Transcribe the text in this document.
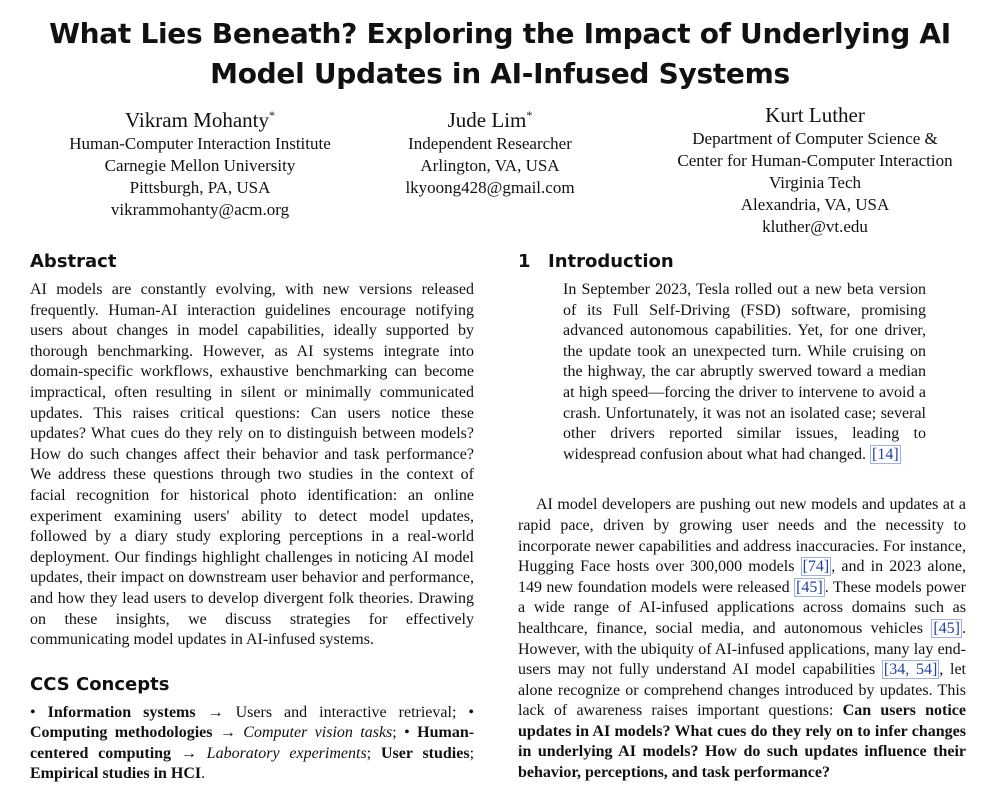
What Lies Beneath? Exploring the Impact of Underlying AI Model Updates in AI-Infused Systems
Vikram Mohanty*
Human-Computer Interaction Institute
Carnegie Mellon University
Pittsburgh, PA, USA
vikrammohanty@acm.org
Jude Lim*
Independent Researcher
Arlington, VA, USA
lkyoong428@gmail.com
Kurt Luther
Department of Computer Science &
Center for Human-Computer Interaction
Virginia Tech
Alexandria, VA, USA
kluther@vt.edu
Abstract

AI models are constantly evolving, with new versions released frequently. Human-AI interaction guidelines encourage notifying users about changes in model capabilities, ideally supported by thorough benchmarking. However, as AI systems integrate into domain-specific workflows, exhaustive benchmarking can become impractical, often resulting in silent or minimally communicated updates. This raises critical questions: Can users notice these updates? What cues do they rely on to distinguish between models? How do such changes affect their behavior and task performance? We address these questions through two studies in the context of facial recognition for historical photo identification: an online experiment examining users' ability to detect model updates, followed by a diary study exploring perceptions in a real-world deployment. Our findings highlight challenges in noticing AI model updates, their impact on downstream user behavior and performance, and how they lead users to develop divergent folk theories. Drawing on these insights, we discuss strategies for effectively communicating model updates in AI-infused systems.

CCS Concepts

• Information systems → Users and interactive retrieval; • Computing methodologies → Computer vision tasks; • Human-centered computing → Laboratory experiments; User studies; Empirical studies in HCI.

1 Introduction

In September 2023, Tesla rolled out a new beta version of its Full Self-Driving (FSD) software, promising advanced autonomous capabilities. Yet, for one driver, the update took an unexpected turn. While cruising on the highway, the car abruptly swerved toward a median at high speed—forcing the driver to intervene to avoid a crash. Unfortunately, it was not an isolated case; several other drivers reported similar issues, leading to widespread confusion about what had changed. [14]

AI model developers are pushing out new models and updates at a rapid pace, driven by growing user needs and the necessity to incorporate newer capabilities and address inaccuracies. For instance, Hugging Face hosts over 300,000 models [74] , and in 2023 alone, 149 new foundation models were released [45] . These models power a wide range of AI-infused applications across domains such as healthcare, finance, social media, and autonomous vehicles [45] . However, with the ubiquity of AI-infused applications, many lay end-users may not fully understand AI model capabilities [34, 54] , let alone recognize or comprehend changes introduced by updates. This lack of awareness raises important questions: Can users notice updates in AI models? What cues do they rely on to infer changes in underlying AI models? How do such updates influence their behavior, perceptions, and task performance?
